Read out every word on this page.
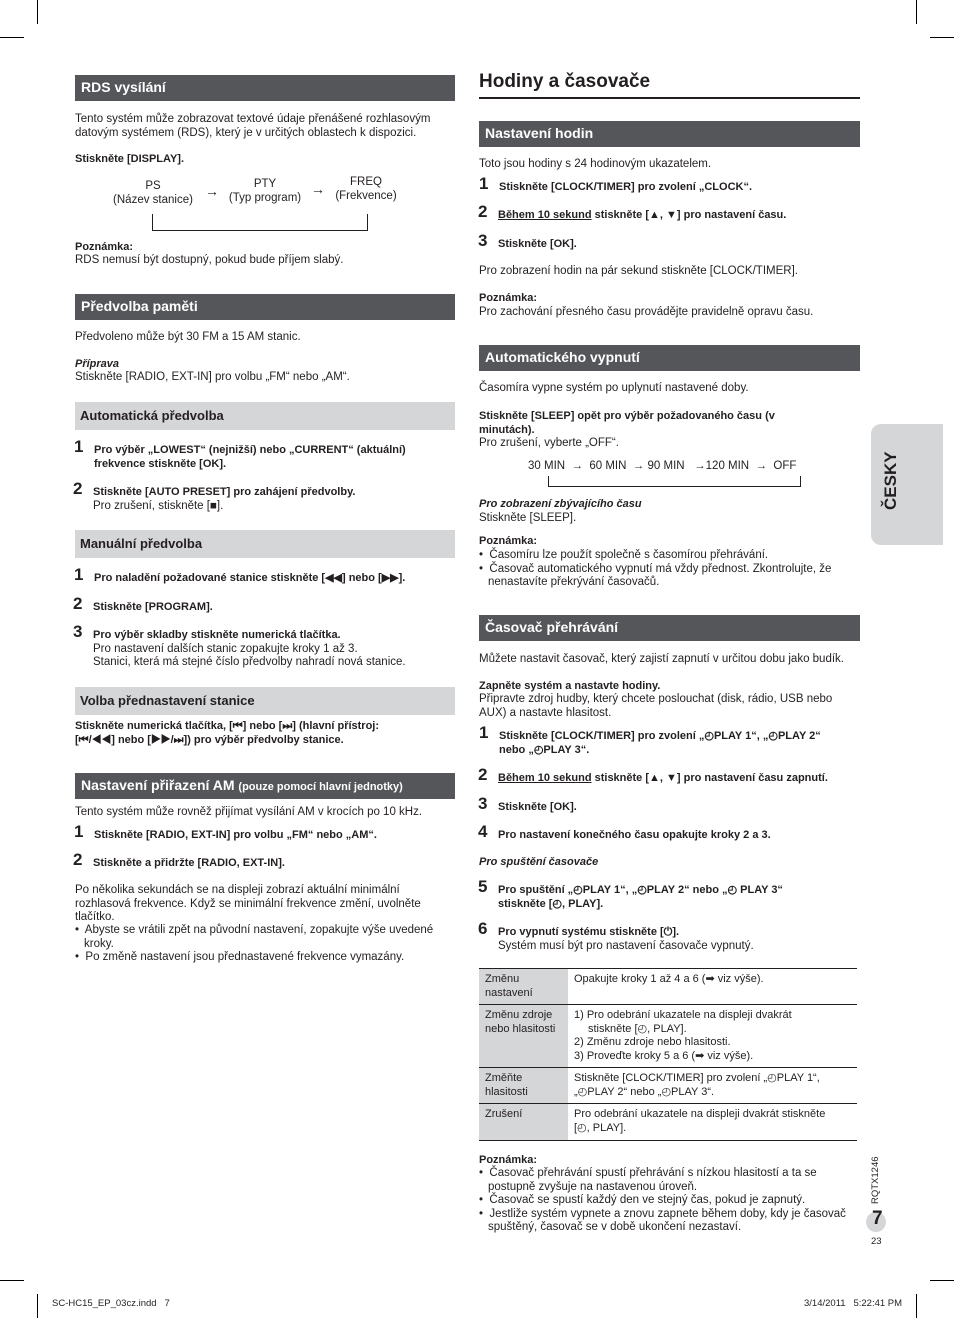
RDS vysílání
Tento systém může zobrazovat textové údaje přenášené rozhlasovým
datovým systémem (RDS), který je v určitých oblastech k dispozici.
Stiskněte [DISPLAY].
PS
(Název stanice)
→	PTY
(Typ program)
→	FREQ
(Frekvence)
Poznámka:
RDS nemusí být dostupný, pokud bude příjem slabý.
Předvolba paměti
Předvoleno může být 30 FM a 15 AM stanic.
Příprava
Stiskněte [RADIO, EXT-IN] pro volbu „FM“ nebo „AM“.
Automatická předvolba
1 Pro výběr „LOWEST“ (nejnižší) nebo „CURRENT“ (aktuální)
frekvence stiskněte [OK].
2 Stiskněte [AUTO PRESET] pro zahájení předvolby.
Pro zrušení, stiskněte [■].
Manuální předvolba
1 Pro naladění požadované stanice stiskněte [◀◀] nebo [▶▶].
2 Stiskněte [PROGRAM].
3 Pro výběr skladby stiskněte numerická tlačítka.
Pro nastavení dalších stanic zopakujte kroky 1 až 3.
Stanici, která má stejné číslo předvolby nahradí nová stanice.
Volba přednastavení stanice
Stiskněte numerická tlačítka, [⏮] nebo [⏭] (hlavní přístroj:
[⏮/◀◀] nebo [▶▶/⏭]) pro výběr předvolby stanice.
Nastavení přiřazení AM (pouze pomocí hlavní jednotky)
Tento systém může rovněž přijímat vysílání AM v krocích po 10 kHz.
1 Stiskněte [RADIO, EXT-IN] pro volbu „FM“ nebo „AM“.
2 Stiskněte a přidržte [RADIO, EXT-IN].
Po několika sekundách se na displeji zobrazí aktuální minimální
rozhlasová frekvence. Když se minimální frekvence změní, uvolněte
tlačítko.
•  Abyste se vrátili zpět na původní nastavení, zopakujte výše uvedené
kroky.
•  Po změně nastavení jsou přednastavené frekvence vymazány.
Hodiny a časovače
Nastavení hodin
Toto jsou hodiny s 24 hodinovým ukazatelem.
1 Stiskněte [CLOCK/TIMER] pro zvolení „CLOCK“.
2 Během 10 sekund stiskněte [▲, ▼] pro nastavení času.
3 Stiskněte [OK].
Pro zobrazení hodin na pár sekund stiskněte [CLOCK/TIMER].
Poznámka:
Pro zachování přesného času provádějte pravidelně opravu času.
Automatického vypnutí
Časomíra vypne systém po uplynutí nastavené doby.
Stiskněte [SLEEP] opět pro výběr požadovaného času (v
minutách).
Pro zrušení, vyberte „OFF“.
30 MIN  →  60 MIN  → 90 MIN   →120 MIN  →  OFF
Pro zobrazení zbývajícího času
Stiskněte [SLEEP].
Poznámka:
•  Časomíru lze použít společně s časomírou přehrávání.
•  Časovač automatického vypnutí má vždy přednost. Zkontrolujte, že
nenastavíte překrývání časovačů.
Časovač přehrávání
Můžete nastavit časovač, který zajistí zapnutí v určitou dobu jako budík.
Zapněte systém a nastavte hodiny.
Připravte zdroj hudby, který chcete poslouchat (disk, rádio, USB nebo
AUX) a nastavte hlasitost.
1 Stiskněte [CLOCK/TIMER] pro zvolení „◴PLAY 1“, „◴PLAY 2“
nebo „◴PLAY 3“.
2 Během 10 sekund stiskněte [▲, ▼] pro nastavení času zapnutí.
3 Stiskněte [OK].
4 Pro nastavení konečného času opakujte kroky 2 a 3.
Pro spuštění časovače
5 Pro spuštění „◴PLAY 1“, „◴PLAY 2“ nebo „◴ PLAY 3“
stiskněte [◴, PLAY].
6 Pro vypnutí systému stiskněte [⏻].
Systém musí být pro nastavení časovače vypnutý.
Změnu nastavení	Opakujte kroky 1 až 4 a 6 (➡ viz výše).

Změnu zdroje nebo hlasitosti	1) Pro odebrání ukazatele na displeji dvakrát
stiskněte [◴, PLAY].
2) Změnu zdroje nebo hlasitosti.
3) Proveďte kroky 5 a 6 (➡ viz výše).

Změňte hlasitosti	Stiskněte [CLOCK/TIMER] pro zvolení „◴PLAY 1“,
„◴PLAY 2“ nebo „◴PLAY 3“.

Zrušení	Pro odebrání ukazatele na displeji dvakrát stiskněte
[◴, PLAY].
Poznámka:
•  Časovač přehrávání spustí přehrávání s nízkou hlasitostí a ta se
postupně zvyšuje na nastavenou úroveň.
•  Časovač se spustí každý den ve stejný čas, pokud je zapnutý.
•  Jestliže systém vypnete a znovu zapnete během doby, kdy je časovač
spuštěný, časovač se v době ukončení nezastaví.
ČESKY
RQTX1246
7
23
SC-HC15_EP_03cz.indd   7	3/14/2011   5:22:41 PM
